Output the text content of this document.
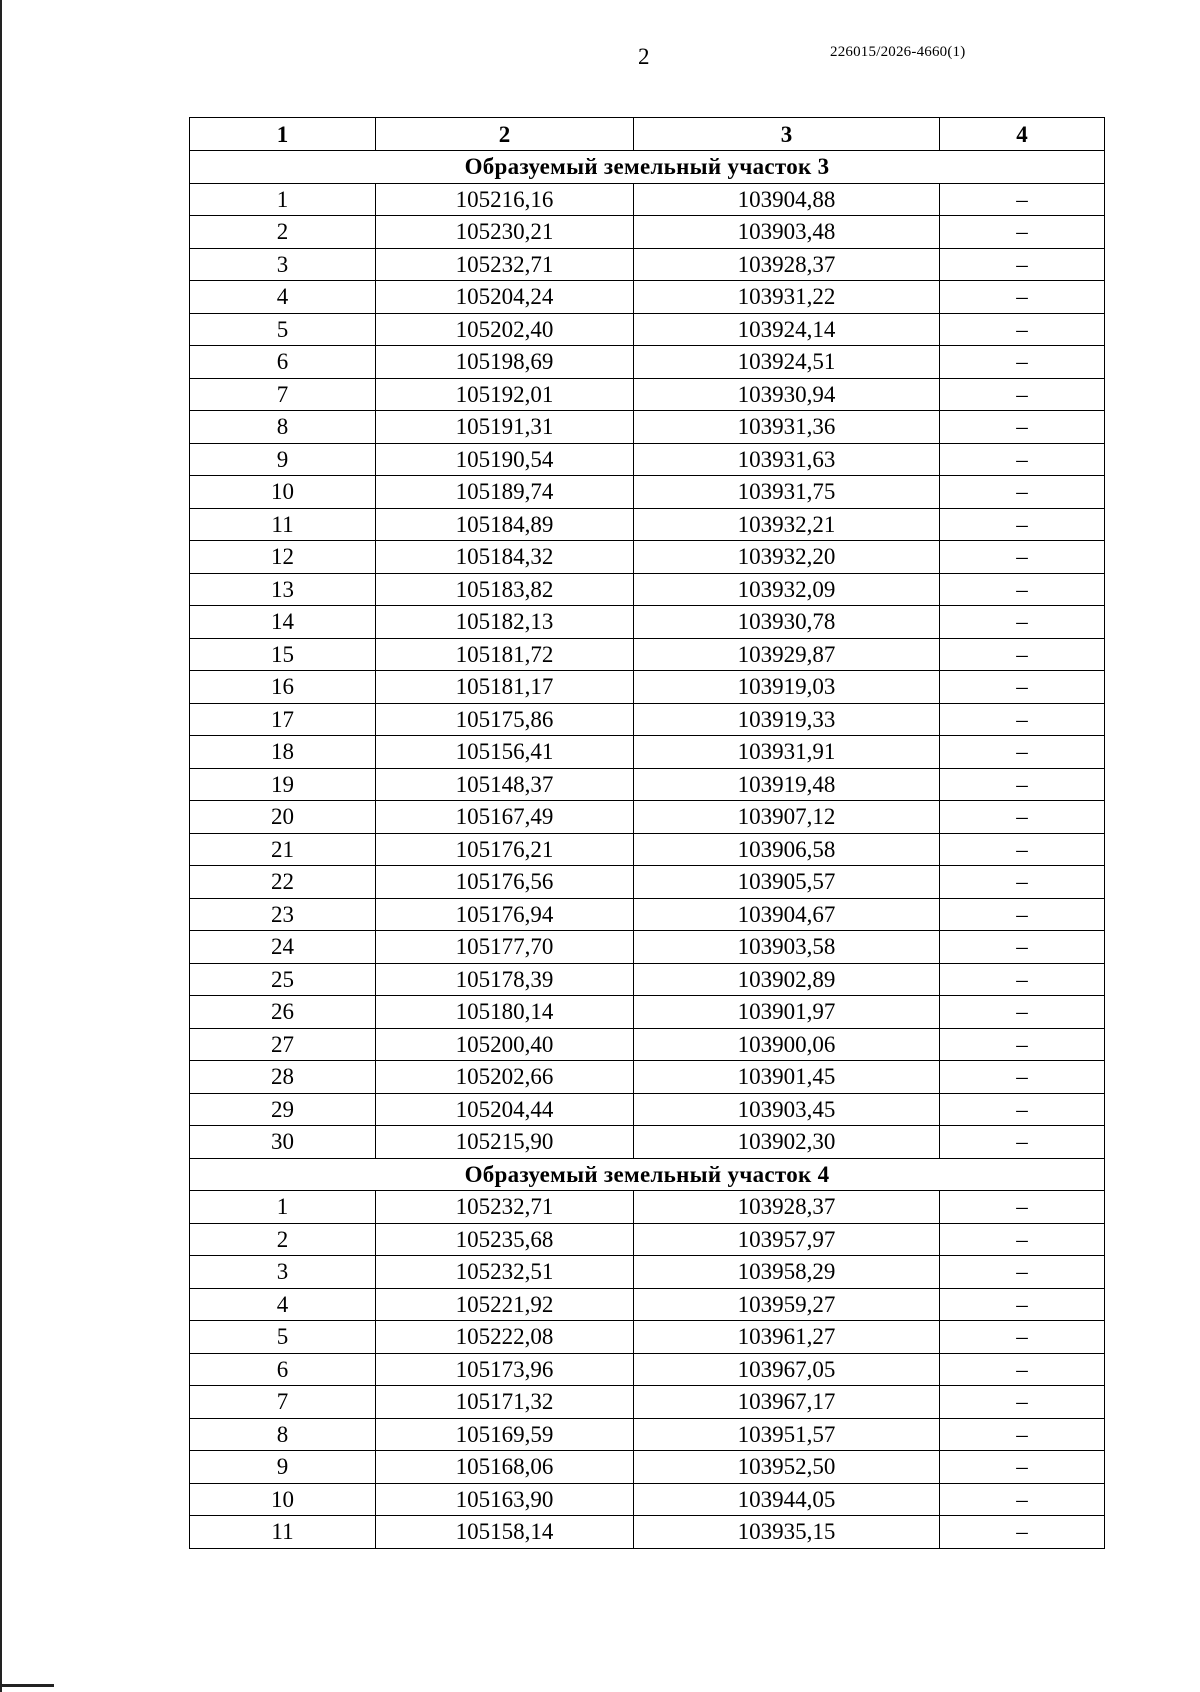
2	226015/2026-4660(1)
1	2	3	4
Образуемый земельный участок 3			
1	105216,16	103904,88	–
2	105230,21	103903,48	–
3	105232,71	103928,37	–
4	105204,24	103931,22	–
5	105202,40	103924,14	–
6	105198,69	103924,51	–
7	105192,01	103930,94	–
8	105191,31	103931,36	–
9	105190,54	103931,63	–
10	105189,74	103931,75	–
11	105184,89	103932,21	–
12	105184,32	103932,20	–
13	105183,82	103932,09	–
14	105182,13	103930,78	–
15	105181,72	103929,87	–
16	105181,17	103919,03	–
17	105175,86	103919,33	–
18	105156,41	103931,91	–
19	105148,37	103919,48	–
20	105167,49	103907,12	–
21	105176,21	103906,58	–
22	105176,56	103905,57	–
23	105176,94	103904,67	–
24	105177,70	103903,58	–
25	105178,39	103902,89	–
26	105180,14	103901,97	–
27	105200,40	103900,06	–
28	105202,66	103901,45	–
29	105204,44	103903,45	–
30	105215,90	103902,30	–
Образуемый земельный участок 4			
1	105232,71	103928,37	–
2	105235,68	103957,97	–
3	105232,51	103958,29	–
4	105221,92	103959,27	–
5	105222,08	103961,27	–
6	105173,96	103967,05	–
7	105171,32	103967,17	–
8	105169,59	103951,57	–
9	105168,06	103952,50	–
10	105163,90	103944,05	–
11	105158,14	103935,15	–
